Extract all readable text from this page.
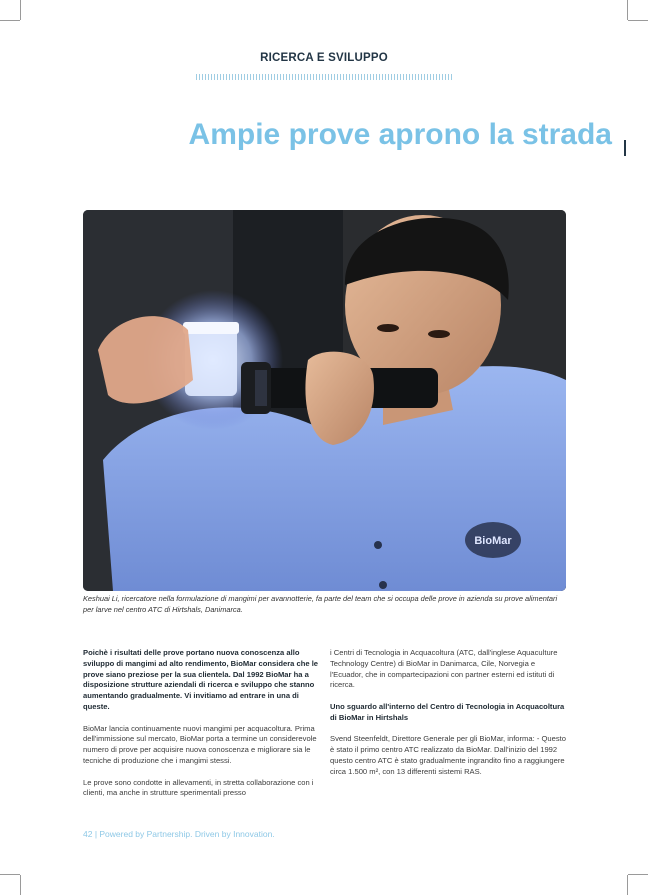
RICERCA E SVILUPPO
Ampie prove aprono la strada
BioMar
Keshuai Li, ricercatore nella formulazione di mangimi per avannotterie, fa parte del team che si occupa delle prove in azienda su prove alimentari per larve nel centro ATC di Hirtshals, Danimarca.

Poichè i risultati delle prove portano nuova conoscenza allo sviluppo di mangimi ad alto rendimento, BioMar considera che le prove siano preziose per la sua clientela. Dal 1992 BioMar ha a disposizione strutture aziendali di ricerca e sviluppo che stanno aumentando gradualmente. Vi invitiamo ad entrare in una di queste.

BioMar lancia continuamente nuovi mangimi per acquacoltura. Prima dell'immissione sul mercato, BioMar porta a termine un considerevole numero di prove per acquisire nuova conoscenza e migliorare sia le tecniche di produzione che i mangimi stessi.

Le prove sono condotte in allevamenti, in stretta collaborazione con i clienti, ma anche in strutture sperimentali presso

i Centri di Tecnologia in Acquacoltura (ATC, dall'inglese Aquaculture Technology Centre) di BioMar in Danimarca, Cile, Norvegia e l'Ecuador, che in compartecipazioni con partner esterni ed istituti di ricerca.

Uno sguardo all'interno del Centro di Tecnologia in Acquacoltura di BioMar in Hirtshals

Svend Steenfeldt, Direttore Generale per gli BioMar, informa: - Questo è stato il primo centro ATC realizzato da BioMar. Dall'inizio del 1992 questo centro ATC è stato gradualmente ingrandito fino a raggiungere circa 1.500 m², con 13 differenti sistemi RAS.

42 | Powered by Partnership. Driven by Innovation.
